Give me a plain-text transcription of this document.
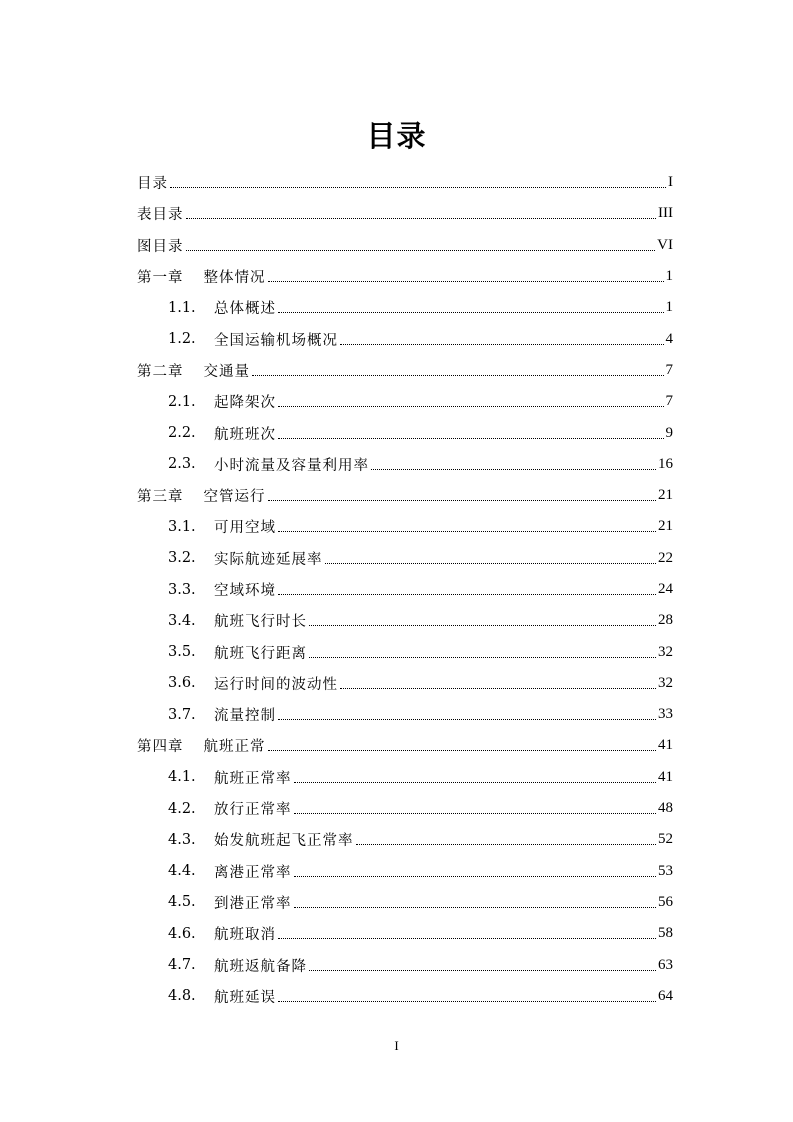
目录
目录	I
表目录	III
图目录	VI
第一章 整体情况	1
1.1.	总体概述	1
1.2.	全国运输机场概况	4
第二章 交通量	7
2.1.	起降架次	7
2.2.	航班班次	9
2.3.	小时流量及容量利用率	16
第三章 空管运行	21
3.1.	可用空域	21
3.2.	实际航迹延展率	22
3.3.	空域环境	24
3.4.	航班飞行时长	28
3.5.	航班飞行距离	32
3.6.	运行时间的波动性	32
3.7.	流量控制	33
第四章 航班正常	41
4.1.	航班正常率	41
4.2.	放行正常率	48
4.3.	始发航班起飞正常率	52
4.4.	离港正常率	53
4.5.	到港正常率	56
4.6.	航班取消	58
4.7.	航班返航备降	63
4.8.	航班延误	64
I
